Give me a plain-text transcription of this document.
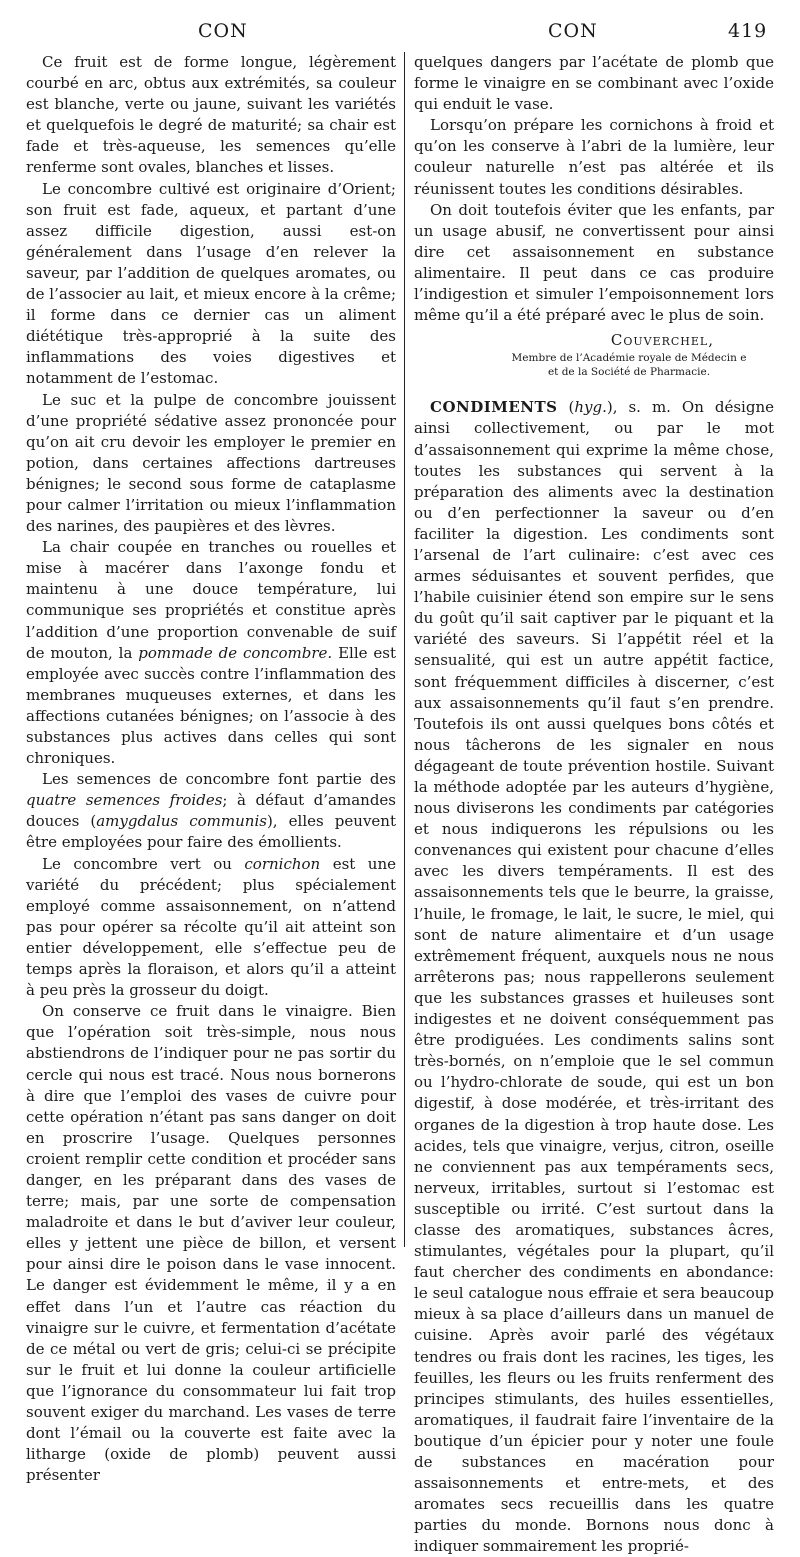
CON	CON	419

Ce fruit est de forme longue, légèrement courbé en arc, obtus aux extrémités, sa couleur est blanche, verte ou jaune, suivant les variétés et quelquefois le degré de maturité; sa chair est fade et très-aqueuse, les semences qu’elle renferme sont ovales, blanches et lisses.

Le concombre cultivé est originaire d’Orient; son fruit est fade, aqueux, et partant d’une assez difficile digestion, aussi est-on généralement dans l’usage d’en relever la saveur, par l’addition de quelques aromates, ou de l’associer au lait, et mieux encore à la crême; il forme dans ce dernier cas un aliment diététique très-approprié à la suite des inflammations des voies digestives et notamment de l’estomac.

Le suc et la pulpe de concombre jouissent d’une propriété sédative assez prononcée pour qu’on ait cru devoir les employer le premier en potion, dans certaines affections dartreuses bénignes; le second sous forme de cataplasme pour calmer l’irritation ou mieux l’inflammation des narines, des paupières et des lèvres.

La chair coupée en tranches ou rouelles et mise à macérer dans l’axonge fondu et maintenu à une douce température, lui communique ses propriétés et constitue après l’addition d’une proportion convenable de suif de mouton, la pommade de concombre. Elle est employée avec succès contre l’inflammation des membranes muqueuses externes, et dans les affections cutanées bénignes; on l’associe à des substances plus actives dans celles qui sont chroniques.

Les semences de concombre font partie des quatre semences froides; à défaut d’amandes douces (amygdalus communis), elles peuvent être employées pour faire des émollients.

Le concombre vert ou cornichon est une variété du précédent; plus spécialement employé comme assaisonnement, on n’attend pas pour opérer sa récolte qu’il ait atteint son entier développement, elle s’effectue peu de temps après la floraison, et alors qu’il a atteint à peu près la grosseur du doigt.

On conserve ce fruit dans le vinaigre. Bien que l’opération soit très-simple, nous nous abstiendrons de l’indiquer pour ne pas sortir du cercle qui nous est tracé. Nous nous bornerons à dire que l’emploi des vases de cuivre pour cette opération n’étant pas sans danger on doit en proscrire l’usage. Quelques personnes croient remplir cette condition et procéder sans danger, en les préparant dans des vases de terre; mais, par une sorte de compensation maladroite et dans le but d’aviver leur couleur, elles y jettent une pièce de billon, et versent pour ainsi dire le poison dans le vase innocent. Le danger est évidemment le même, il y a en effet dans l’un et l’autre cas réaction du vinaigre sur le cuivre, et fermentation d’acétate de ce métal ou vert de gris; celui-ci se précipite sur le fruit et lui donne la couleur artificielle que l’ignorance du consommateur lui fait trop souvent exiger du marchand. Les vases de terre dont l’émail ou la couverte est faite avec la litharge (oxide de plomb) peuvent aussi présenter

quelques dangers par l’acétate de plomb que forme le vinaigre en se combinant avec l’oxide qui enduit le vase.

Lorsqu’on prépare les cornichons à froid et qu’on les conserve à l’abri de la lumière, leur couleur naturelle n’est pas altérée et ils réunissent toutes les conditions désirables.

On doit toutefois éviter que les enfants, par un usage abusif, ne convertissent pour ainsi dire cet assaisonnement en substance alimentaire. Il peut dans ce cas produire l’indigestion et simuler l’empoisonnement lors même qu’il a été préparé avec le plus de soin.

Couverchel,
Membre de l’Académie royale de Médecin e
et de la Société de Pharmacie.

CONDIMENTS (hyg.), s. m. On désigne ainsi collectivement, ou par le mot d’assaisonnement qui exprime la même chose, toutes les substances qui servent à la préparation des aliments avec la destination ou d’en perfectionner la saveur ou d’en faciliter la digestion. Les condiments sont l’arsenal de l’art culinaire: c’est avec ces armes séduisantes et souvent perfides, que l’habile cuisinier étend son empire sur le sens du goût qu’il sait captiver par le piquant et la variété des saveurs. Si l’appétit réel et la sensualité, qui est un autre appétit factice, sont fréquemment difficiles à discerner, c’est aux assaisonnements qu’il faut s’en prendre. Toutefois ils ont aussi quelques bons côtés et nous tâcherons de les signaler en nous dégageant de toute prévention hostile. Suivant la méthode adoptée par les auteurs d’hygiène, nous diviserons les condiments par catégories et nous indiquerons les répulsions ou les convenances qui existent pour chacune d’elles avec les divers tempéraments. Il est des assaisonnements tels que le beurre, la graisse, l’huile, le fromage, le lait, le sucre, le miel, qui sont de nature alimentaire et d’un usage extrêmement fréquent, auxquels nous ne nous arrêterons pas; nous rappellerons seulement que les substances grasses et huileuses sont indigestes et ne doivent conséquemment pas être prodiguées. Les condiments salins sont très-bornés, on n’emploie que le sel commun ou l’hydro-chlorate de soude, qui est un bon digestif, à dose modérée, et très-irritant des organes de la digestion à trop haute dose. Les acides, tels que vinaigre, verjus, citron, oseille ne conviennent pas aux tempéraments secs, nerveux, irritables, surtout si l’estomac est susceptible ou irrité. C’est surtout dans la classe des aromatiques, substances âcres, stimulantes, végétales pour la plupart, qu’il faut chercher des condiments en abondance: le seul catalogue nous effraie et sera beaucoup mieux à sa place d’ailleurs dans un manuel de cuisine. Après avoir parlé des végétaux tendres ou frais dont les racines, les tiges, les feuilles, les fleurs ou les fruits renferment des principes stimulants, des huiles essentielles, aromatiques, il faudrait faire l’inventaire de la boutique d’un épicier pour y noter une foule de substances en macération pour assaisonnements et entre-mets, et des aromates secs recueillis dans les quatre parties du monde. Bornons nous donc à indiquer sommairement les proprié-
